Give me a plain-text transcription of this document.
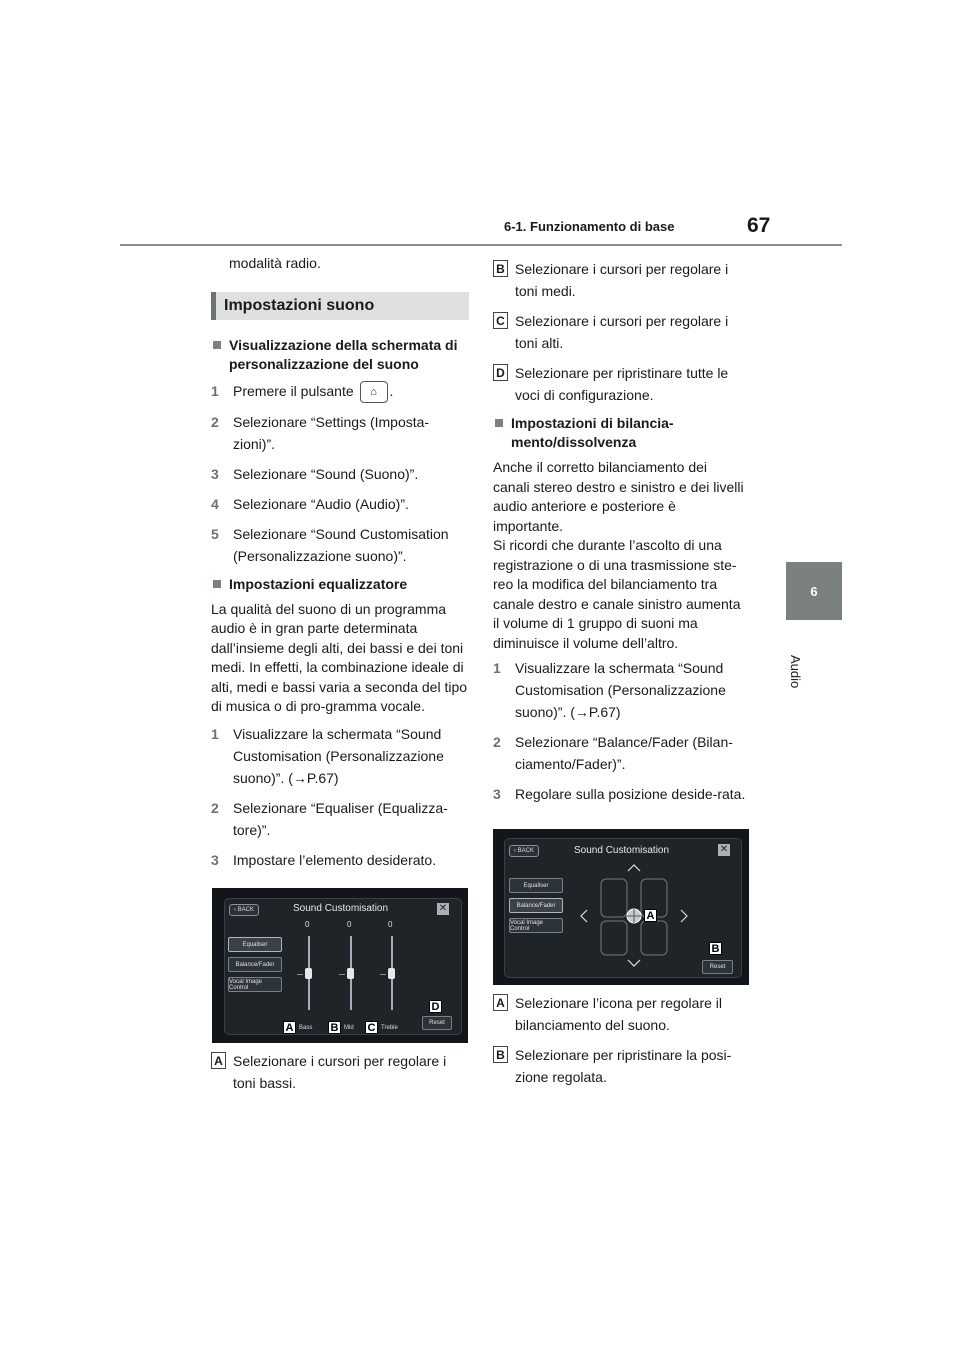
6-1. Funzionamento di base	67
6
Audio

modalità radio.

Impostazioni suono
Visualizzazione della schermata di personalizzazione del suono
1	Premere il pulsante ⌂ .
2	Selezionare “Settings (Imposta-zioni)”.
3	Selezionare “Sound (Suono)”.
4	Selezionare “Audio (Audio)”.
5	Selezionare “Sound Customisation (Personalizzazione suono)”.
Impostazioni equalizzatore

La qualità del suono di un programma audio è in gran parte determinata dall’insieme degli alti, dei bassi e dei toni medi. In effetti, la combinazione ideale di alti, medi e bassi varia a seconda del tipo di musica o di pro-gramma vocale.

1	Visualizzare la schermata “Sound Customisation (Personalizzazione suono)”. (→P.67)
2	Selezionare “Equaliser (Equalizza-tore)”.
3	Impostare l’elemento desiderato.
‹ BACK	Sound Customisation	✕
Equaliser
Balance/Fader
Vocal Image Control
0	0	0
A Bass B Mid C Treble
D
Reset
A Selezionare i cursori per regolare i toni bassi.
B Selezionare i cursori per regolare i toni medi.
C Selezionare i cursori per regolare i toni alti.
D Selezionare per ripristinare tutte le voci di configurazione.
Impostazioni di bilancia-mento/dissolvenza

Anche il corretto bilanciamento dei canali stereo destro e sinistro e dei livelli audio anteriore e posteriore è importante.

Si ricordi che durante l’ascolto di una registrazione o di una trasmissione ste-reo la modifica del bilanciamento tra canale destro e canale sinistro aumenta il volume di 1 gruppo di suoni ma diminuisce il volume dell’altro.

1	Visualizzare la schermata “Sound Customisation (Personalizzazione suono)”. (→P.67)
2	Selezionare “Balance/Fader (Bilan-ciamento/Fader)”.
3	Regolare sulla posizione deside-rata.
‹ BACK	Sound Customisation	✕
Equaliser
Balance/Fader
Vocal Image Control
A
B
Reset
A Selezionare l’icona per regolare il bilanciamento del suono.
B Selezionare per ripristinare la posi-zione regolata.
